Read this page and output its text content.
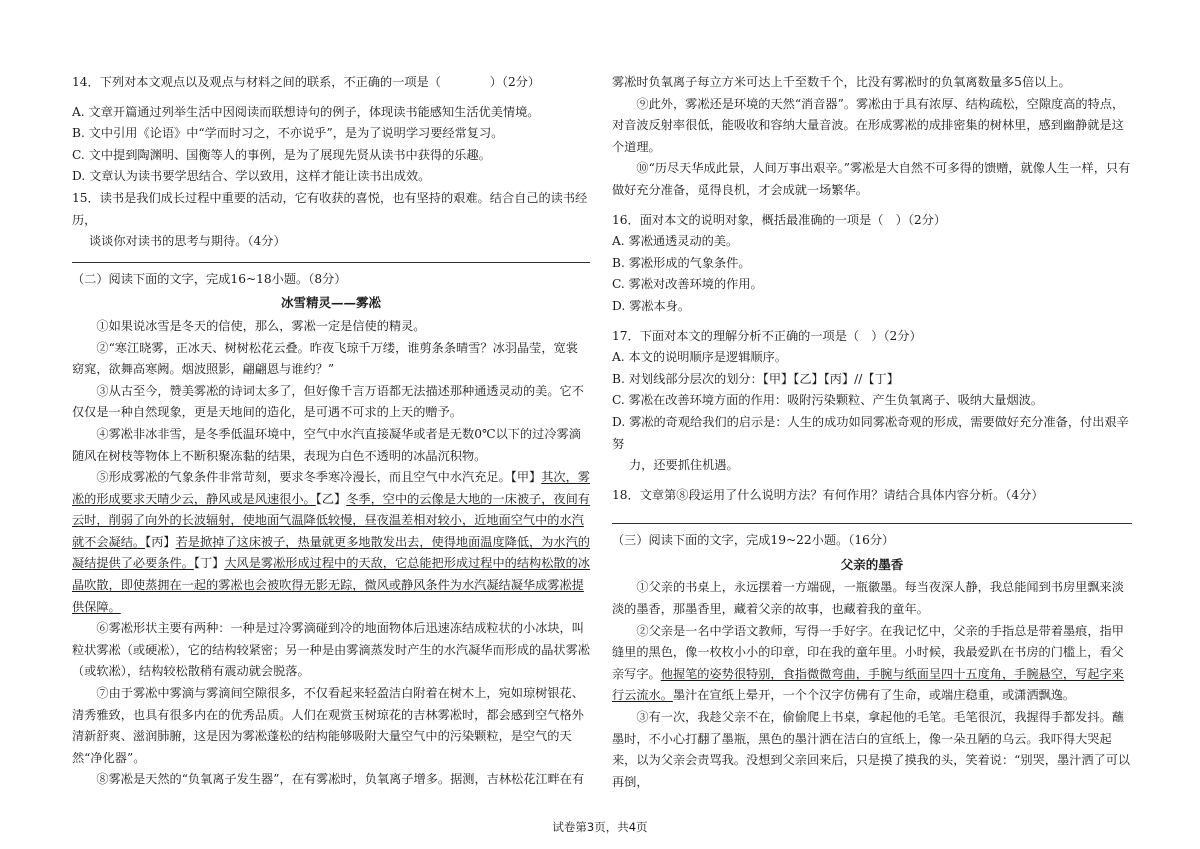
14．下列对本文观点以及观点与材料之间的联系，不正确的一项是（　　　　）（2分）

A. 文章开篇通过列举生活中因阅读而联想诗句的例子，体现读书能感知生活优美情境。

B. 文中引用《论语》中“学而时习之，不亦说乎”，是为了说明学习要经常复习。

C. 文中提到陶渊明、国衡等人的事例，是为了展现先贤从读书中获得的乐趣。

D. 文章认为读书要学思结合、学以致用，这样才能让读书出成效。

15．读书是我们成长过程中重要的活动，它有收获的喜悦，也有坚持的艰难。结合自己的读书经历，

谈谈你对读书的思考与期待。（4分）

（二）阅读下面的文字，完成16~18小题。（8分）

冰雪精灵——雾凇

①如果说冰雪是冬天的信使，那么，雾凇一定是信使的精灵。

②“寒江晓雾，正冰天、树树松花云叠。昨夜飞琼千万缕，谁剪条条晴雪？冰羽晶莹，宽裳窈窕，欲舞高寒阙。烟波照影，翩翩恩与谁约？”

③从古至今，赞美雾凇的诗词太多了，但好像千言万语都无法描述那种通透灵动的美。它不仅仅是一种自然现象，更是天地间的造化，是可遇不可求的上天的赠予。

④雾凇非冰非雪，是冬季低温环境中，空气中水汽直接凝华或者是无数0℃以下的过冷雾滴随风在树枝等物体上不断积聚冻黏的结果，表现为白色不透明的冰晶沉积物。

⑤形成雾凇的气象条件非常苛刻，要求冬季寒冷漫长，而且空气中水汽充足。【甲】其次，雾凇的形成要求天晴少云，静风或是风速很小。【乙】冬季，空中的云像是大地的一床被子，夜间有云时，削弱了向外的长波辐射，使地面气温降低较慢，昼夜温差相对较小，近地面空气中的水汽就不会凝结。【丙】若是掀掉了这床被子，热量就更多地散发出去，使得地面温度降低，为水汽的凝结提供了必要条件。【丁】大风是雾凇形成过程中的天敌，它总能把形成过程中的结构松散的冰晶吹散，即使蒸拥在一起的雾凇也会被吹得无影无踪，微风或静风条件为水汽凝结凝华成雾凇提供保障。

⑥雾凇形状主要有两种：一种是过冷雾滴碰到冷的地面物体后迅速冻结成粒状的小冰块，叫粒状雾凇（或硬凇），它的结构较紧密；另一种是由雾滴蒸发时产生的水汽凝华而形成的晶状雾凇（或软凇），结构较松散稍有震动就会脱落。

⑦由于雾凇中雾滴与雾滴间空隙很多，不仅看起来轻盈洁白附着在树木上，宛如琼树银花、清秀雅致，也具有很多内在的优秀品质。人们在观赏玉树琼花的吉林雾凇时，都会感到空气格外清新舒爽、滋润肺腑，这是因为雾凇蓬松的结构能够吸附大量空气中的污染颗粒，是空气的天然“净化器”。

⑧雾凇是天然的“负氧离子发生器”，在有雾凇时，负氧离子增多。据测，吉林松花江畔在有

雾凇时负氧离子每立方米可达上千至数千个，比没有雾凇时的负氧离数量多5倍以上。

⑨此外，雾凇还是环境的天然“消音器”。雾凇由于具有浓厚、结构疏松，空隙度高的特点，对音波反射率很低，能吸收和容纳大量音波。在形成雾凇的成排密集的树林里，感到幽静就是这个道理。

⑩“历尽天华成此景，人间万事出艰辛。”雾凇是大自然不可多得的馈赠，就像人生一样，只有做好充分准备，觅得良机，才会成就一场繁华。

16．面对本文的说明对象，概括最准确的一项是（　）（2分）

A. 雾凇通透灵动的美。

B. 雾凇形成的气象条件。

C. 雾凇对改善环境的作用。

D. 雾凇本身。

17．下面对本文的理解分析不正确的一项是（　）（2分）

A. 本文的说明顺序是逻辑顺序。

B. 对划线部分层次的划分：【甲】【乙】【丙】//【丁】

C. 雾凇在改善环境方面的作用：吸附污染颗粒、产生负氧离子、吸纳大量烟波。

D. 雾凇的奇观给我们的启示是：人生的成功如同雾凇奇观的形成，需要做好充分准备，付出艰辛努

力，还要抓住机遇。

18．文章第⑧段运用了什么说明方法？有何作用？请结合具体内容分析。（4分）

（三）阅读下面的文字，完成19~22小题。（16分）

父亲的墨香

①父亲的书桌上，永远摆着一方端砚，一瓶徽墨。每当夜深人静，我总能闻到书房里飘来淡淡的墨香，那墨香里，藏着父亲的故事，也藏着我的童年。

②父亲是一名中学语文教师，写得一手好字。在我记忆中，父亲的手指总是带着墨痕，指甲缝里的黑色，像一枚枚小小的印章，印在我的童年里。小时候，我最爱趴在书房的门槛上，看父亲写字。他握笔的姿势很特别，食指微微弯曲，手腕与纸面呈四十五度角，手腕悬空，写起字来行云流水。墨汁在宣纸上晕开，一个个汉字仿佛有了生命，或端庄稳重，或潇洒飘逸。

③有一次，我趁父亲不在，偷偷爬上书桌，拿起他的毛笔。毛笔很沉，我握得手都发抖。蘸墨时，不小心打翻了墨瓶，黑色的墨汁洒在洁白的宣纸上，像一朵丑陋的乌云。我吓得大哭起来，以为父亲会责骂我。没想到父亲回来后，只是摸了摸我的头，笑着说：“别哭，墨汁洒了可以再倒，

试卷第3页，共4页
